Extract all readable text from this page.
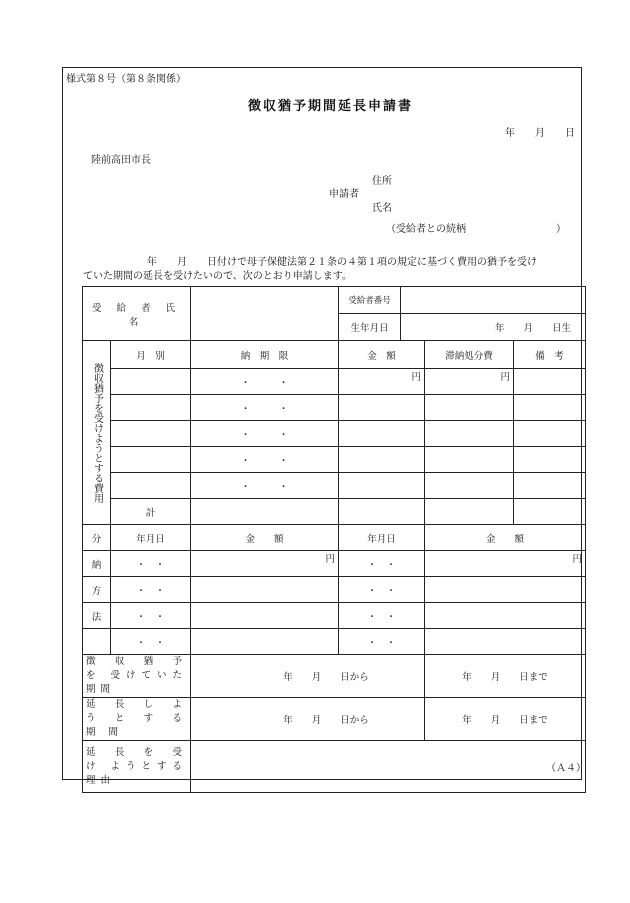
様式第８号（第８条関係）
徴収猶予期間延長申請書
年　　月　　日
陸前高田市長
住所
申請者
氏名
（受給者との続柄　　　　　　　　　）
年　　月　　日付けで母子保健法第２１条の４第１項の規定に基づく費用の猶予を受け
ていた期間の延長を受けたいので、次のとおり申請します。
受 給 者 氏 名			受給者番号			
			生年月日	年　　月　　日生		

徴収猶予を受けようとする費用	月　別	納　期　限	金　額		滞納処分費	備　考
		・　　　・	円		円	
		・　　　・				
		・　　　・				
		・　　　・				
		・　　　・				
	計					
分	年月日	金　　額	年月日		金　　額	
納	・　・	円	・　・		円	
方	・　・		・　・			
法	・　・		・　・			
	・　・		・　・			
徴 収 猶 予 を 受けていた期間		年　　月　　日から			年　　月　　日まで	
延 長 し よ う と す る 期 間		年　　月　　日から			年　　月　　日まで	
延 長 を 受 け ようとする理由						
（Ａ４）
